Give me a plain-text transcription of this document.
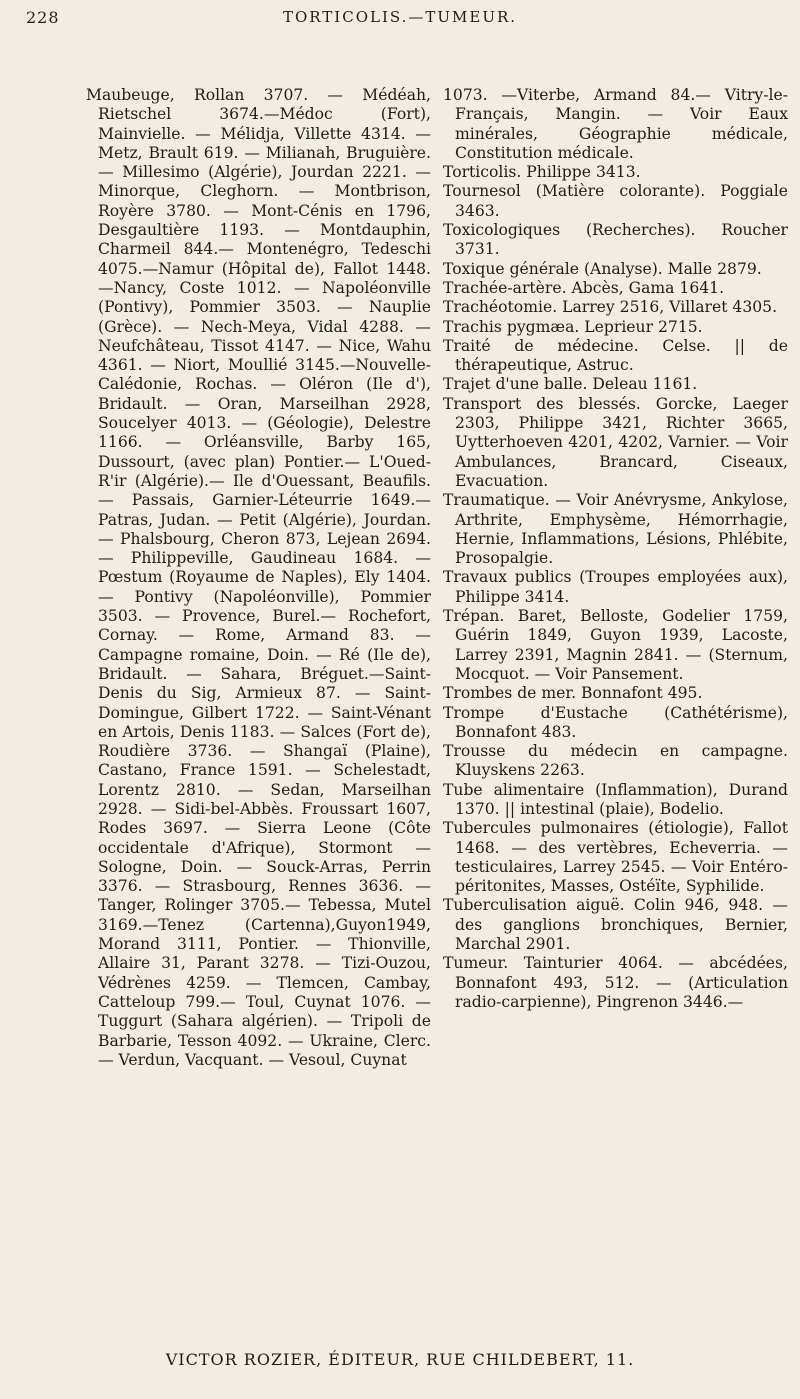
228	TORTICOLIS.—TUMEUR.

Maubeuge, Rollan 3707. — Médéah, Rietschel 3674.—Médoc (Fort), Mainvielle. — Mélidja, Villette 4314. — Metz, Brault 619. — Milianah, Bruguière. — Millesimo (Algérie), Jourdan 2221. — Minorque, Cleghorn. — Montbrison, Royère 3780. — Mont-Cénis en 1796, Desgaultière 1193. — Montdauphin, Charmeil 844.— Montenégro, Tedeschi 4075.—Namur (Hôpital de), Fallot 1448.—Nancy, Coste 1012. — Napoléonville (Pontivy), Pommier 3503. — Nauplie (Grèce). — Nech-Meya, Vidal 4288. — Neufchâteau, Tissot 4147. — Nice, Wahu 4361. — Niort, Moullié 3145.—Nouvelle-Calédonie, Rochas. — Oléron (Ile d'), Bridault. — Oran, Marseilhan 2928, Soucelyer 4013. — (Géologie), Delestre 1166. — Orléansville, Barby 165, Dussourt, (avec plan) Pontier.— L'Oued-R'ir (Algérie).— Ile d'Ouessant, Beaufils. — Passais, Garnier-Léteurrie 1649.— Patras, Judan. — Petit (Algérie), Jourdan. — Phalsbourg, Cheron 873, Lejean 2694. — Philippeville, Gaudineau 1684. — Pœstum (Royaume de Naples), Ely 1404. — Pontivy (Napoléonville), Pommier 3503. — Provence, Burel.— Rochefort, Cornay. — Rome, Armand 83. — Campagne romaine, Doin. — Ré (Ile de), Bridault. — Sahara, Bréguet.—Saint-Denis du Sig, Armieux 87. — Saint-Domingue, Gilbert 1722. — Saint-Vénant en Artois, Denis 1183. — Salces (Fort de), Roudière 3736. — Shangaï (Plaine), Castano, France 1591. — Schelestadt, Lorentz 2810. — Sedan, Marseilhan 2928. — Sidi-bel-Abbès. Froussart 1607, Rodes 3697. — Sierra Leone (Côte occidentale d'Afrique), Stormont — Sologne, Doin. — Souck-Arras, Perrin 3376. — Strasbourg, Rennes 3636. — Tanger, Rolinger 3705.— Tebessa, Mutel 3169.—Tenez (Cartenna),Guyon1949, Morand 3111, Pontier. — Thionville, Allaire 31, Parant 3278. — Tizi-Ouzou, Védrènes 4259. — Tlemcen, Cambay, Catteloup 799.— Toul, Cuynat 1076. — Tuggurt (Sahara algérien). — Tripoli de Barbarie, Tesson 4092. — Ukraine, Clerc. — Verdun, Vacquant. — Vesoul, Cuynat

1073. —Viterbe, Armand 84.— Vitry-le-Français, Mangin. — Voir Eaux minérales, Géographie médicale, Constitution médicale.

Torticolis. Philippe 3413.

Tournesol (Matière colorante). Poggiale 3463.

Toxicologiques (Recherches). Roucher 3731.

Toxique générale (Analyse). Malle 2879.

Trachée-artère. Abcès, Gama 1641.

Trachéotomie. Larrey 2516, Villaret 4305.

Trachis pygmæa. Leprieur 2715.

Traité de médecine. Celse. || de thérapeutique, Astruc.

Trajet d'une balle. Deleau 1161.

Transport des blessés. Gorcke, Laeger 2303, Philippe 3421, Richter 3665, Uytterhoeven 4201, 4202, Varnier. — Voir Ambulances, Brancard, Ciseaux, Evacuation.

Traumatique. — Voir Anévrysme, Ankylose, Arthrite, Emphysème, Hémorrhagie, Hernie, Inflammations, Lésions, Phlébite, Prosopalgie.

Travaux publics (Troupes employées aux), Philippe 3414.

Trépan. Baret, Belloste, Godelier 1759, Guérin 1849, Guyon 1939, Lacoste, Larrey 2391, Magnin 2841. — (Sternum, Mocquot. — Voir Pansement.

Trombes de mer. Bonnafont 495.

Trompe d'Eustache (Cathétérisme), Bonnafont 483.

Trousse du médecin en campagne. Kluyskens 2263.

Tube alimentaire (Inflammation), Durand 1370. || intestinal (plaie), Bodelio.

Tubercules pulmonaires (étiologie), Fallot 1468. — des vertèbres, Echeverria. — testiculaires, Larrey 2545. — Voir Entéro-péritonites, Masses, Ostéïte, Syphilide.

Tuberculisation aiguë. Colin 946, 948. — des ganglions bronchiques, Bernier, Marchal 2901.

Tumeur. Tainturier 4064. — abcédées, Bonnafont 493, 512. — (Articulation radio-carpienne), Pingrenon 3446.—

VICTOR ROZIER, ÉDITEUR, RUE CHILDEBERT, 11.
